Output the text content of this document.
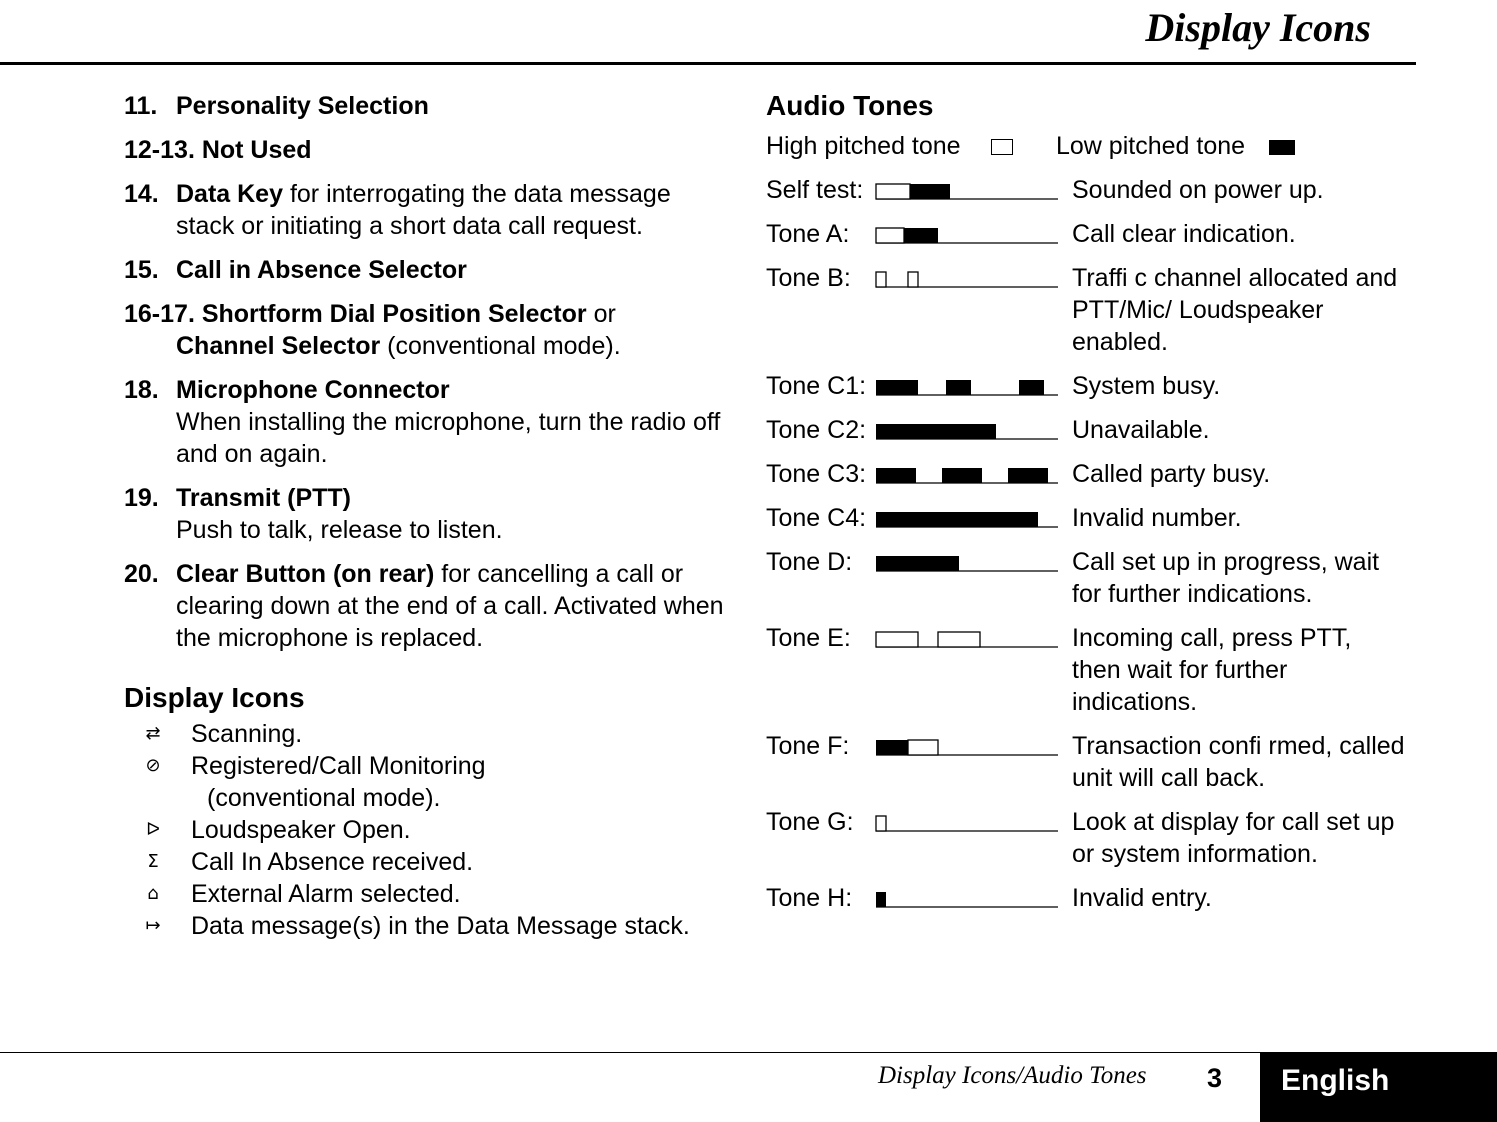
Display Icons
11. Personality Selection
12-13. Not Used
14. Data Key for interrogating the data message stack or initiating a short data call request.
15. Call in Absence Selector
16-17. Shortform Dial Position Selector or
Channel Selector (conventional mode).
18. Microphone Connector
When installing the microphone, turn the radio off and on again.
19. Transmit (PTT)
Push to talk, release to listen.
20. Clear Button (on rear) for cancelling a call or clearing down at the end of a call. Activated when the microphone is replaced.
Display Icons
⇄ Scanning.
⊘ Registered/Call Monitoring
(conventional mode).
ᐅ	Loudspeaker Open.
Σ	Call In Absence received.
⌂	External Alarm selected.
↦ Data message(s) in the Data Message stack.
Audio Tones
High pitched tone	Low pitched tone
Self test:	Sounded on power up.
Tone A:	Call clear indication.
Tone B:	Traffi c channel allocated and PTT/Mic/ Loudspeaker enabled.
Tone C1:	System busy.
Tone C2:	Unavailable.
Tone C3:	Called party busy.
Tone C4:	Invalid number.
Tone D:	Call set up in progress, wait for further indications.
Tone E:	Incoming call, press PTT, then wait for further indications.
Tone F:	Transaction confi rmed, called unit will call back.
Tone G:	Look at display for call set up or system information.
Tone H:	Invalid entry.
Display Icons/Audio Tones 3 English
